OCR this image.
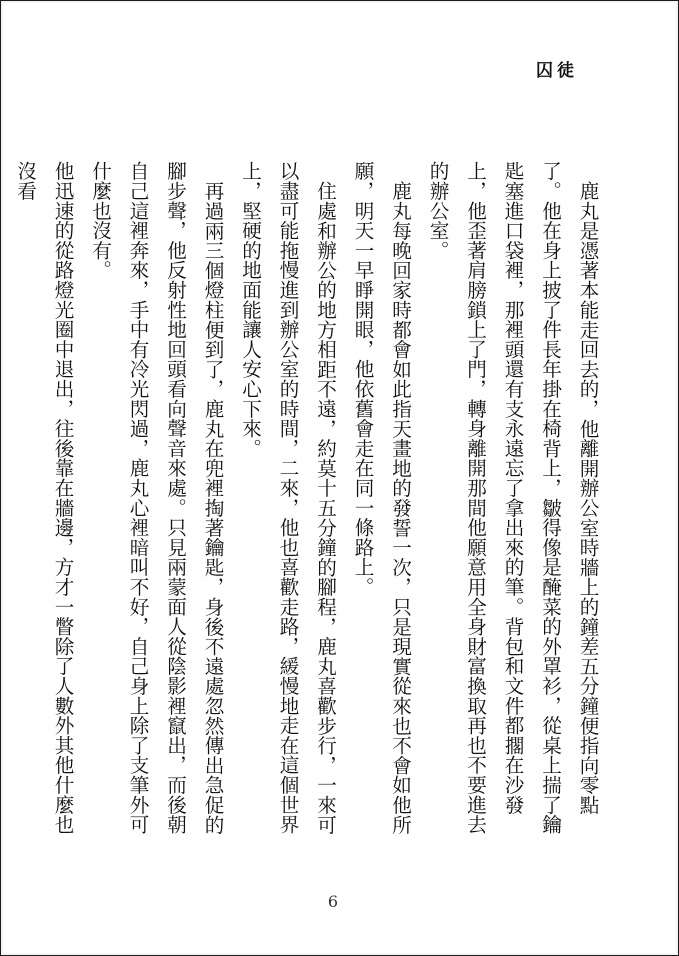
囚徒

鹿丸是憑著本能走回去的，他離開辦公室時牆上的鐘差五分鐘便指向零點了。他在身上披了件長年掛在椅背上，皺得像是醃菜的外罩衫，從桌上揣了鑰匙塞進口袋裡，那裡頭還有支永遠忘了拿出來的筆。背包和文件都擱在沙發上，他歪著肩膀鎖上了門，轉身離開那間他願意用全身財富換取再也不要進去的辦公室。

鹿丸每晚回家時都會如此指天畫地的發誓一次，只是現實從來也不會如他所願，明天一早睜開眼，他依舊會走在同一條路上。

住處和辦公的地方相距不遠，約莫十五分鐘的腳程，鹿丸喜歡步行，一來可以盡可能拖慢進到辦公室的時間，二來，他也喜歡走路，緩慢地走在這個世界上，堅硬的地面能讓人安心下來。

再過兩三個燈柱便到了，鹿丸在兜裡掏著鑰匙，身後不遠處忽然傳出急促的腳步聲，他反射性地回頭看向聲音來處。只見兩蒙面人從陰影裡竄出，而後朝自己這裡奔來，手中有冷光閃過，鹿丸心裡暗叫不好，自己身上除了支筆外可什麼也沒有。

他迅速的從路燈光圈中退出，往後靠在牆邊，方才一瞥除了人數外其他什麼也沒看

6
